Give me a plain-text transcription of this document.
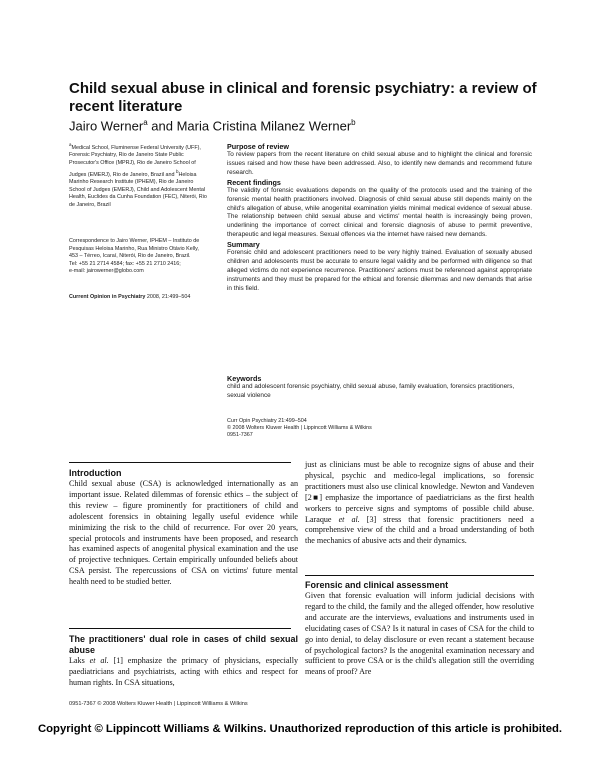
Child sexual abuse in clinical and forensic psychiatry: a review of recent literature
Jairo Werner$^a$ and Maria Cristina Milanez Werner$^b$
$^a$Medical School, Fluminense Federal University (UFF), Forensic Psychiatry, Rio de Janeiro State Public Prosecutor's Office (MPRJ), Rio de Janeiro School of Judges (EMERJ), Rio de Janeiro, Brazil and $^b$Heloisa Marinho Research Institute (IPHEM), Rio de Janeiro School of Judges (EMERJ), Child and Adolescent Mental Health, Euclides da Cunha Foundation (FEC), Niterói, Rio de Janeiro, Brazil
Correspondence to Jairo Werner, IPHEM – Instituto de Pesquisas Heloisa Marinho, Rua Ministro Otávio Kelly, 453 – Térreo, Icaraí, Niterói, Rio de Janeiro, Brazil.
Tel: +55 21 2714 4584; fax: +55 21 2710 2416;
e-mail: jairowerner@globo.com
Current Opinion in Psychiatry 2008, 21:499–504
Purpose of review
To review papers from the recent literature on child sexual abuse and to highlight the clinical and forensic issues raised and how these have been addressed. Also, to identify new demands and recommend future research.
Recent findings
The validity of forensic evaluations depends on the quality of the protocols used and the training of the forensic mental health practitioners involved. Diagnosis of child sexual abuse still depends mainly on the child's allegation of abuse, while anogenital examination yields minimal medical evidence of sexual abuse. The relationship between child sexual abuse and victims' mental health is increasingly being proven, underlining the importance of correct clinical and forensic diagnosis of abuse to permit preventive, therapeutic and legal measures. Sexual offences via the internet have raised new demands.
Summary
Forensic child and adolescent practitioners need to be very highly trained. Evaluation of sexually abused children and adolescents must be accurate to ensure legal validity and be performed with diligence so that alleged victims do not experience recurrence. Practitioners' actions must be referenced against appropriate instruments and they must be prepared for the ethical and forensic dilemmas and new demands that arise in this field.
Keywords
child and adolescent forensic psychiatry, child sexual abuse, family evaluation, forensics practitioners, sexual violence
Curr Opin Psychiatry 21:499–504
© 2008 Wolters Kluwer Health | Lippincott Williams & Wilkins
0951-7367
Introduction

Child sexual abuse (CSA) is acknowledged internationally as an important issue. Related dilemmas of forensic ethics – the subject of this review – figure prominently for practitioners of child and adolescent forensics in obtaining legally useful evidence while minimizing the risk to the child of recurrence. For over 20 years, special protocols and instruments have been proposed, and research has examined aspects of anogenital physical examination and the use of projective techniques. Certain empirically unfounded beliefs about CSA persist. The repercussions of CSA on victims' future mental health need to be studied better.

The practitioners' dual role in cases of child sexual abuse

Laks et al. [1] emphasize the primacy of physicians, especially paediatricians and psychiatrists, acting with ethics and respect for human rights. In CSA situations,

just as clinicians must be able to recognize signs of abuse and their physical, psychic and medico-legal implications, so forensic practitioners must also use clinical knowledge. Newton and Vandeven [2■] emphasize the importance of paediatricians as the first health workers to perceive signs and symptoms of possible child abuse. Laraque et al. [3] stress that forensic practitioners need a comprehensive view of the child and a broad understanding of both the mechanics of abusive acts and their dynamics.

Forensic and clinical assessment

Given that forensic evaluation will inform judicial decisions with regard to the child, the family and the alleged offender, how resolutive and accurate are the interviews, evaluations and instruments used in elucidating cases of CSA? Is it natural in cases of CSA for the child to go into denial, to delay disclosure or even recant a statement because of psychological factors? Is the anogenital examination necessary and sufficient to prove CSA or is the child's allegation still the overriding means of proof? Are

0951-7367 © 2008 Wolters Kluwer Health | Lippincott Williams & Wilkins
Copyright © Lippincott Williams & Wilkins. Unauthorized reproduction of this article is prohibited.
